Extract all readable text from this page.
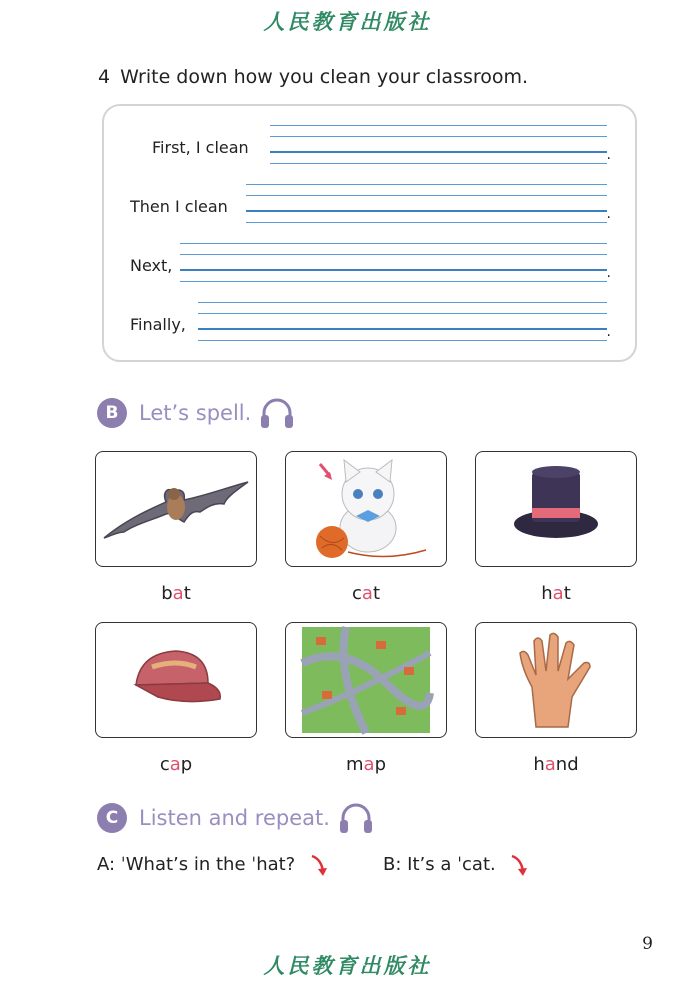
人民教育出版社
4 Write down how you clean your classroom.
First, I clean	.
Then I clean	.
Next,	.
Finally,	.
B Let’s spell.
bat	cat	hat
cap	map	hand
C Listen and repeat.
A: ˈWhat’s in the ˈhat?	B: It’s a ˈcat.
9
人民教育出版社
